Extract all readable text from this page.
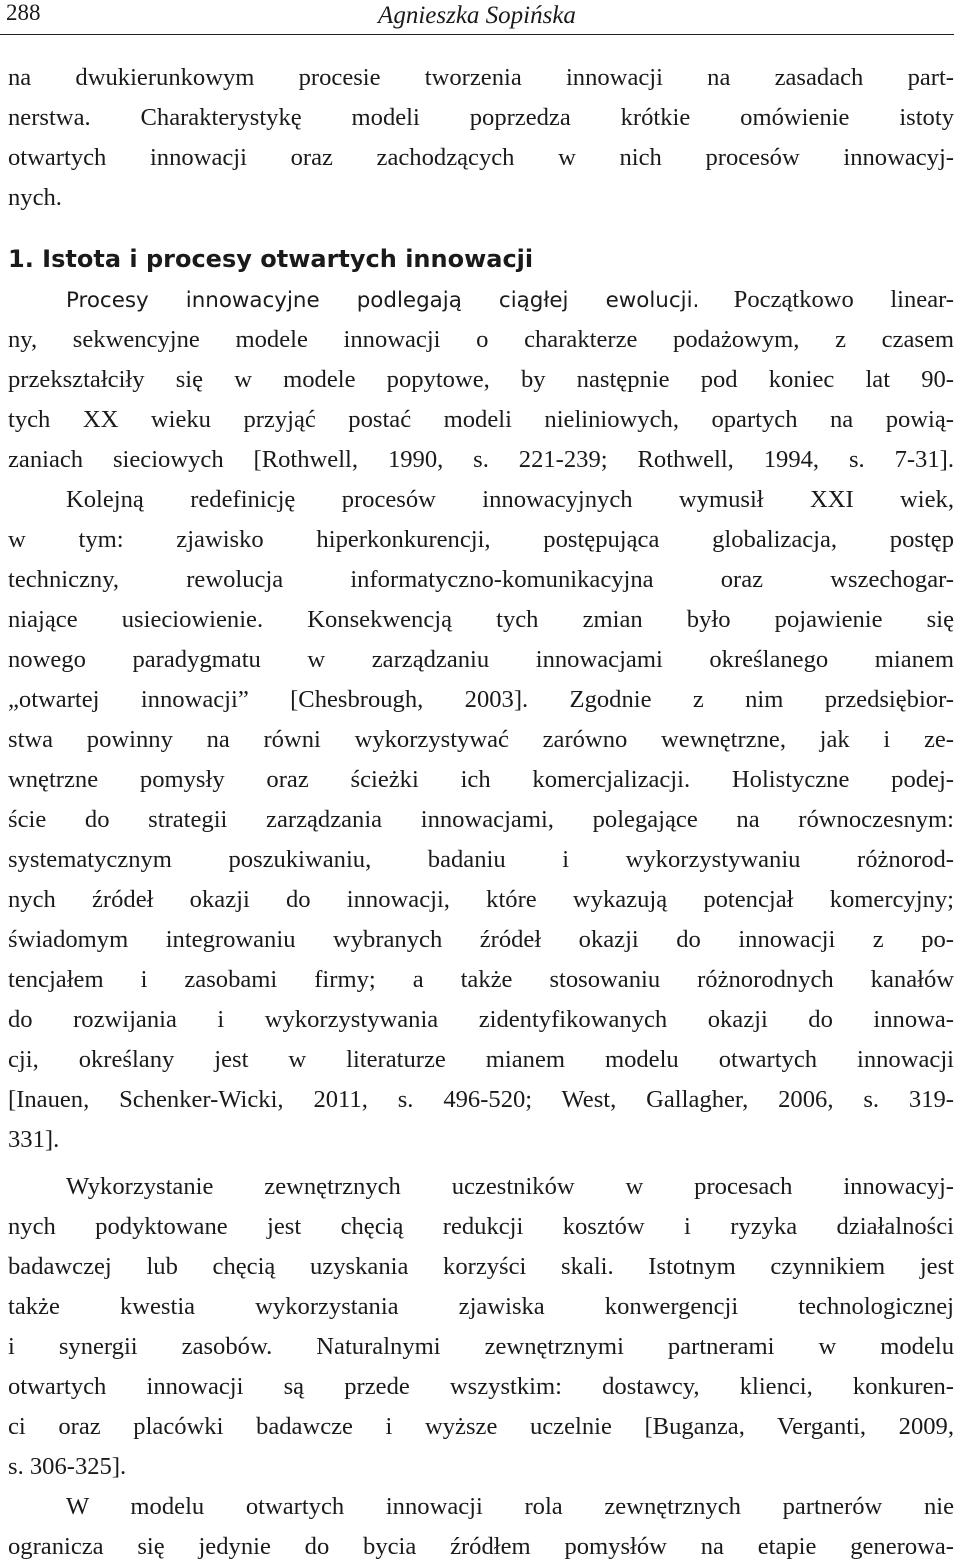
288	Agnieszka Sopińska
na dwukierunkowym procesie tworzenia innowacji na zasadach part-
nerstwa. Charakterystykę modeli poprzedza krótkie omówienie istoty
otwartych innowacji oraz zachodzących w nich procesów innowacyj-
nych.
1. Istota i procesy otwartych innowacji
Procesy innowacyjne podlegają ciągłej ewolucji. Początkowo linear-
ny, sekwencyjne modele innowacji o charakterze podażowym, z czasem
przekształciły się w modele popytowe, by następnie pod koniec lat 90-
tych XX wieku przyjąć postać modeli nieliniowych, opartych na powią-
zaniach sieciowych [Rothwell, 1990, s. 221-239; Rothwell, 1994, s. 7-31].
Kolejną redefinicję procesów innowacyjnych wymusił XXI wiek,
w tym: zjawisko hiperkonkurencji, postępująca globalizacja, postęp
techniczny, rewolucja informatyczno-komunikacyjna oraz wszechogar-
niające usieciowienie. Konsekwencją tych zmian było pojawienie się
nowego paradygmatu w zarządzaniu innowacjami określanego mianem
„otwartej innowacji” [Chesbrough, 2003]. Zgodnie z nim przedsiębior-
stwa powinny na równi wykorzystywać zarówno wewnętrzne, jak i ze-
wnętrzne pomysły oraz ścieżki ich komercjalizacji. Holistyczne podej-
ście do strategii zarządzania innowacjami, polegające na równoczesnym:
systematycznym poszukiwaniu, badaniu i wykorzystywaniu różnorod-
nych źródeł okazji do innowacji, które wykazują potencjał komercyjny;
świadomym integrowaniu wybranych źródeł okazji do innowacji z po-
tencjałem i zasobami firmy; a także stosowaniu różnorodnych kanałów
do rozwijania i wykorzystywania zidentyfikowanych okazji do innowa-
cji, określany jest w literaturze mianem modelu otwartych innowacji
[Inauen, Schenker-Wicki, 2011, s. 496-520; West, Gallagher, 2006, s. 319-
331].
Wykorzystanie zewnętrznych uczestników w procesach innowacyj-
nych podyktowane jest chęcią redukcji kosztów i ryzyka działalności
badawczej lub chęcią uzyskania korzyści skali. Istotnym czynnikiem jest
także kwestia wykorzystania zjawiska konwergencji technologicznej
i synergii zasobów. Naturalnymi zewnętrznymi partnerami w modelu
otwartych innowacji są przede wszystkim: dostawcy, klienci, konkuren-
ci oraz placówki badawcze i wyższe uczelnie [Buganza, Verganti, 2009,
s. 306-325].
W modelu otwartych innowacji rola zewnętrznych partnerów nie
ogranicza się jedynie do bycia źródłem pomysłów na etapie generowa-
